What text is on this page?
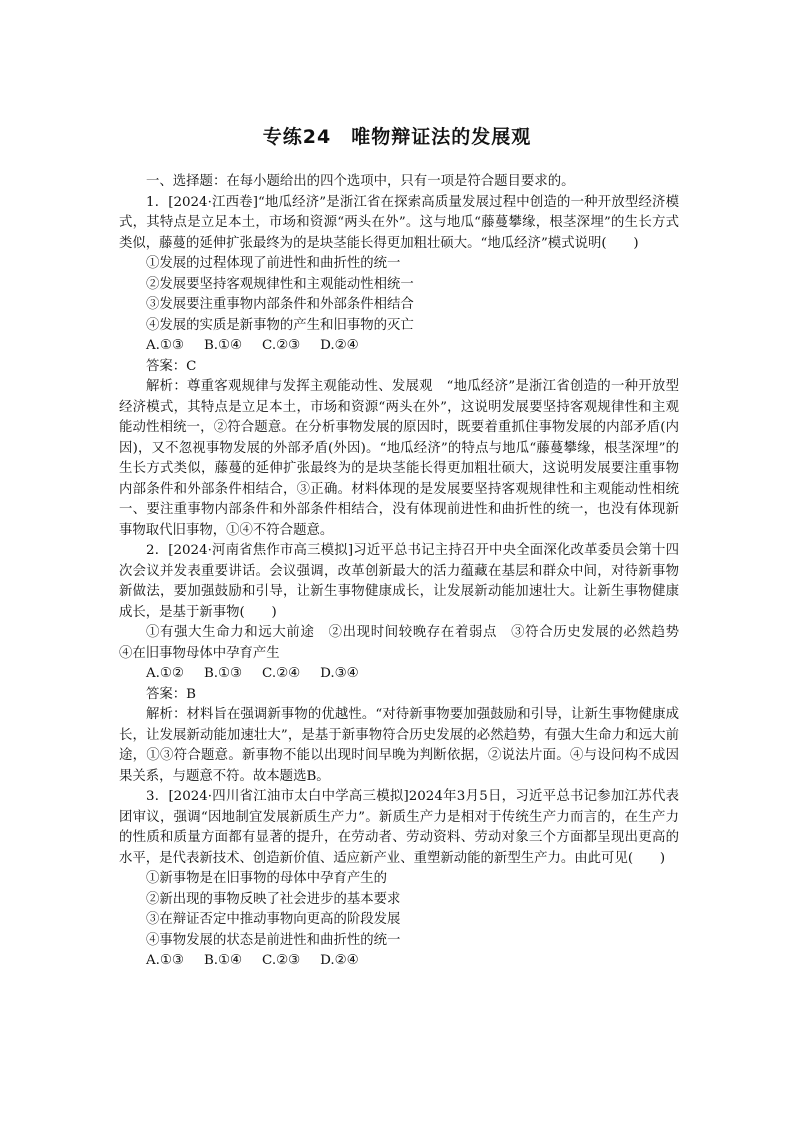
专练24　唯物辩证法的发展观

一、选择题：在每小题给出的四个选项中，只有一项是符合题目要求的。

1．[2024·江西卷]“地瓜经济”是浙江省在探索高质量发展过程中创造的一种开放型经济模式，其特点是立足本土，市场和资源“两头在外”。这与地瓜“藤蔓攀缘，根茎深埋”的生长方式类似，藤蔓的延伸扩张最终为的是块茎能长得更加粗壮硕大。“地瓜经济”模式说明(　　)

①发展的过程体现了前进性和曲折性的统一

②发展要坚持客观规律性和主观能动性相统一

③发展要注重事物内部条件和外部条件相结合

④发展的实质是新事物的产生和旧事物的灭亡

A.①③ B.①④ C.②③ D.②④

答案：C

解析：尊重客观规律与发挥主观能动性、发展观　“地瓜经济”是浙江省创造的一种开放型经济模式，其特点是立足本土，市场和资源“两头在外”，这说明发展要坚持客观规律性和主观能动性相统一，②符合题意。在分析事物发展的原因时，既要着重抓住事物发展的内部矛盾(内因)，又不忽视事物发展的外部矛盾(外因)。“地瓜经济”的特点与地瓜“藤蔓攀缘，根茎深埋”的生长方式类似，藤蔓的延伸扩张最终为的是块茎能长得更加粗壮硕大，这说明发展要注重事物内部条件和外部条件相结合，③正确。材料体现的是发展要坚持客观规律性和主观能动性相统一、要注重事物内部条件和外部条件相结合，没有体现前进性和曲折性的统一，也没有体现新事物取代旧事物，①④不符合题意。

2．[2024·河南省焦作市高三模拟]习近平总书记主持召开中央全面深化改革委员会第十四次会议并发表重要讲话。会议强调，改革创新最大的活力蕴藏在基层和群众中间，对待新事物新做法，要加强鼓励和引导，让新生事物健康成长，让发展新动能加速壮大。让新生事物健康成长，是基于新事物(　　)

①有强大生命力和远大前途　②出现时间较晚存在着弱点　③符合历史发展的必然趋势　④在旧事物母体中孕育产生

A.①② B.①③ C.②④ D.③④

答案：B

解析：材料旨在强调新事物的优越性。“对待新事物要加强鼓励和引导，让新生事物健康成长，让发展新动能加速壮大”，是基于新事物符合历史发展的必然趋势，有强大生命力和远大前途，①③符合题意。新事物不能以出现时间早晚为判断依据，②说法片面。④与设问构不成因果关系，与题意不符。故本题选B。

3．[2024·四川省江油市太白中学高三模拟]2024年3月5日，习近平总书记参加江苏代表团审议，强调“因地制宜发展新质生产力”。新质生产力是相对于传统生产力而言的，在生产力的性质和质量方面都有显著的提升，在劳动者、劳动资料、劳动对象三个方面都呈现出更高的水平，是代表新技术、创造新价值、适应新产业、重塑新动能的新型生产力。由此可见(　　)

①新事物是在旧事物的母体中孕育产生的

②新出现的事物反映了社会进步的基本要求

③在辩证否定中推动事物向更高的阶段发展

④事物发展的状态是前进性和曲折性的统一

A.①③ B.①④ C.②③ D.②④
